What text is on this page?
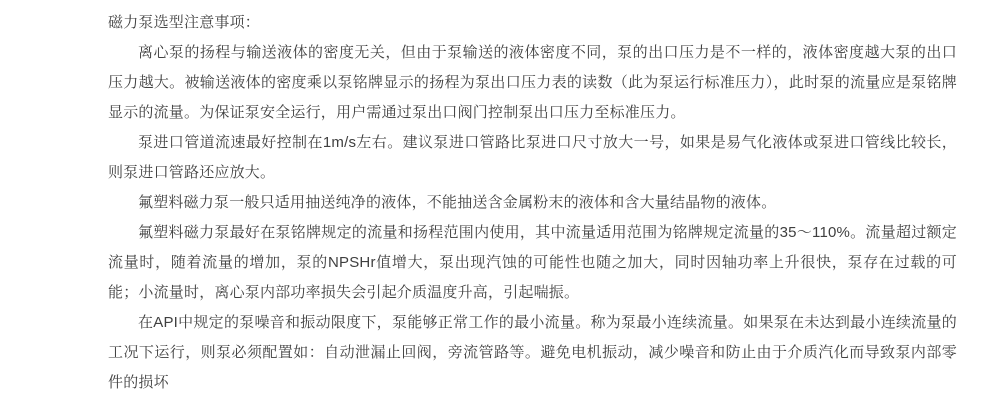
磁力泵选型注意事项：

离心泵的扬程与输送液体的密度无关，但由于泵输送的液体密度不同，泵的出口压力是不一样的，液体密度越大泵的出口压力越大。被输送液体的密度乘以泵铭牌显示的扬程为泵出口压力表的读数（此为泵运行标准压力），此时泵的流量应是泵铭牌显示的流量。为保证泵安全运行，用户需通过泵出口阀门控制泵出口压力至标准压力。

泵进口管道流速最好控制在1m/s左右。建议泵进口管路比泵进口尺寸放大一号，如果是易气化液体或泵进口管线比较长，则泵进口管路还应放大。

氟塑料磁力泵一般只适用抽送纯净的液体，不能抽送含金属粉末的液体和含大量结晶物的液体。

氟塑料磁力泵最好在泵铭牌规定的流量和扬程范围内使用，其中流量适用范围为铭牌规定流量的35～110%。流量超过额定流量时，随着流量的增加，泵的NPSHr值增大，泵出现汽蚀的可能性也随之加大，同时因轴功率上升很快，泵存在过载的可能；小流量时，离心泵内部功率损失会引起介质温度升高，引起喘振。

在API中规定的泵噪音和振动限度下，泵能够正常工作的最小流量。称为泵最小连续流量。如果泵在未达到最小连续流量的工况下运行，则泵必须配置如：自动泄漏止回阀，旁流管路等。避免电机振动，减少噪音和防止由于介质汽化而导致泵内部零件的损坏
